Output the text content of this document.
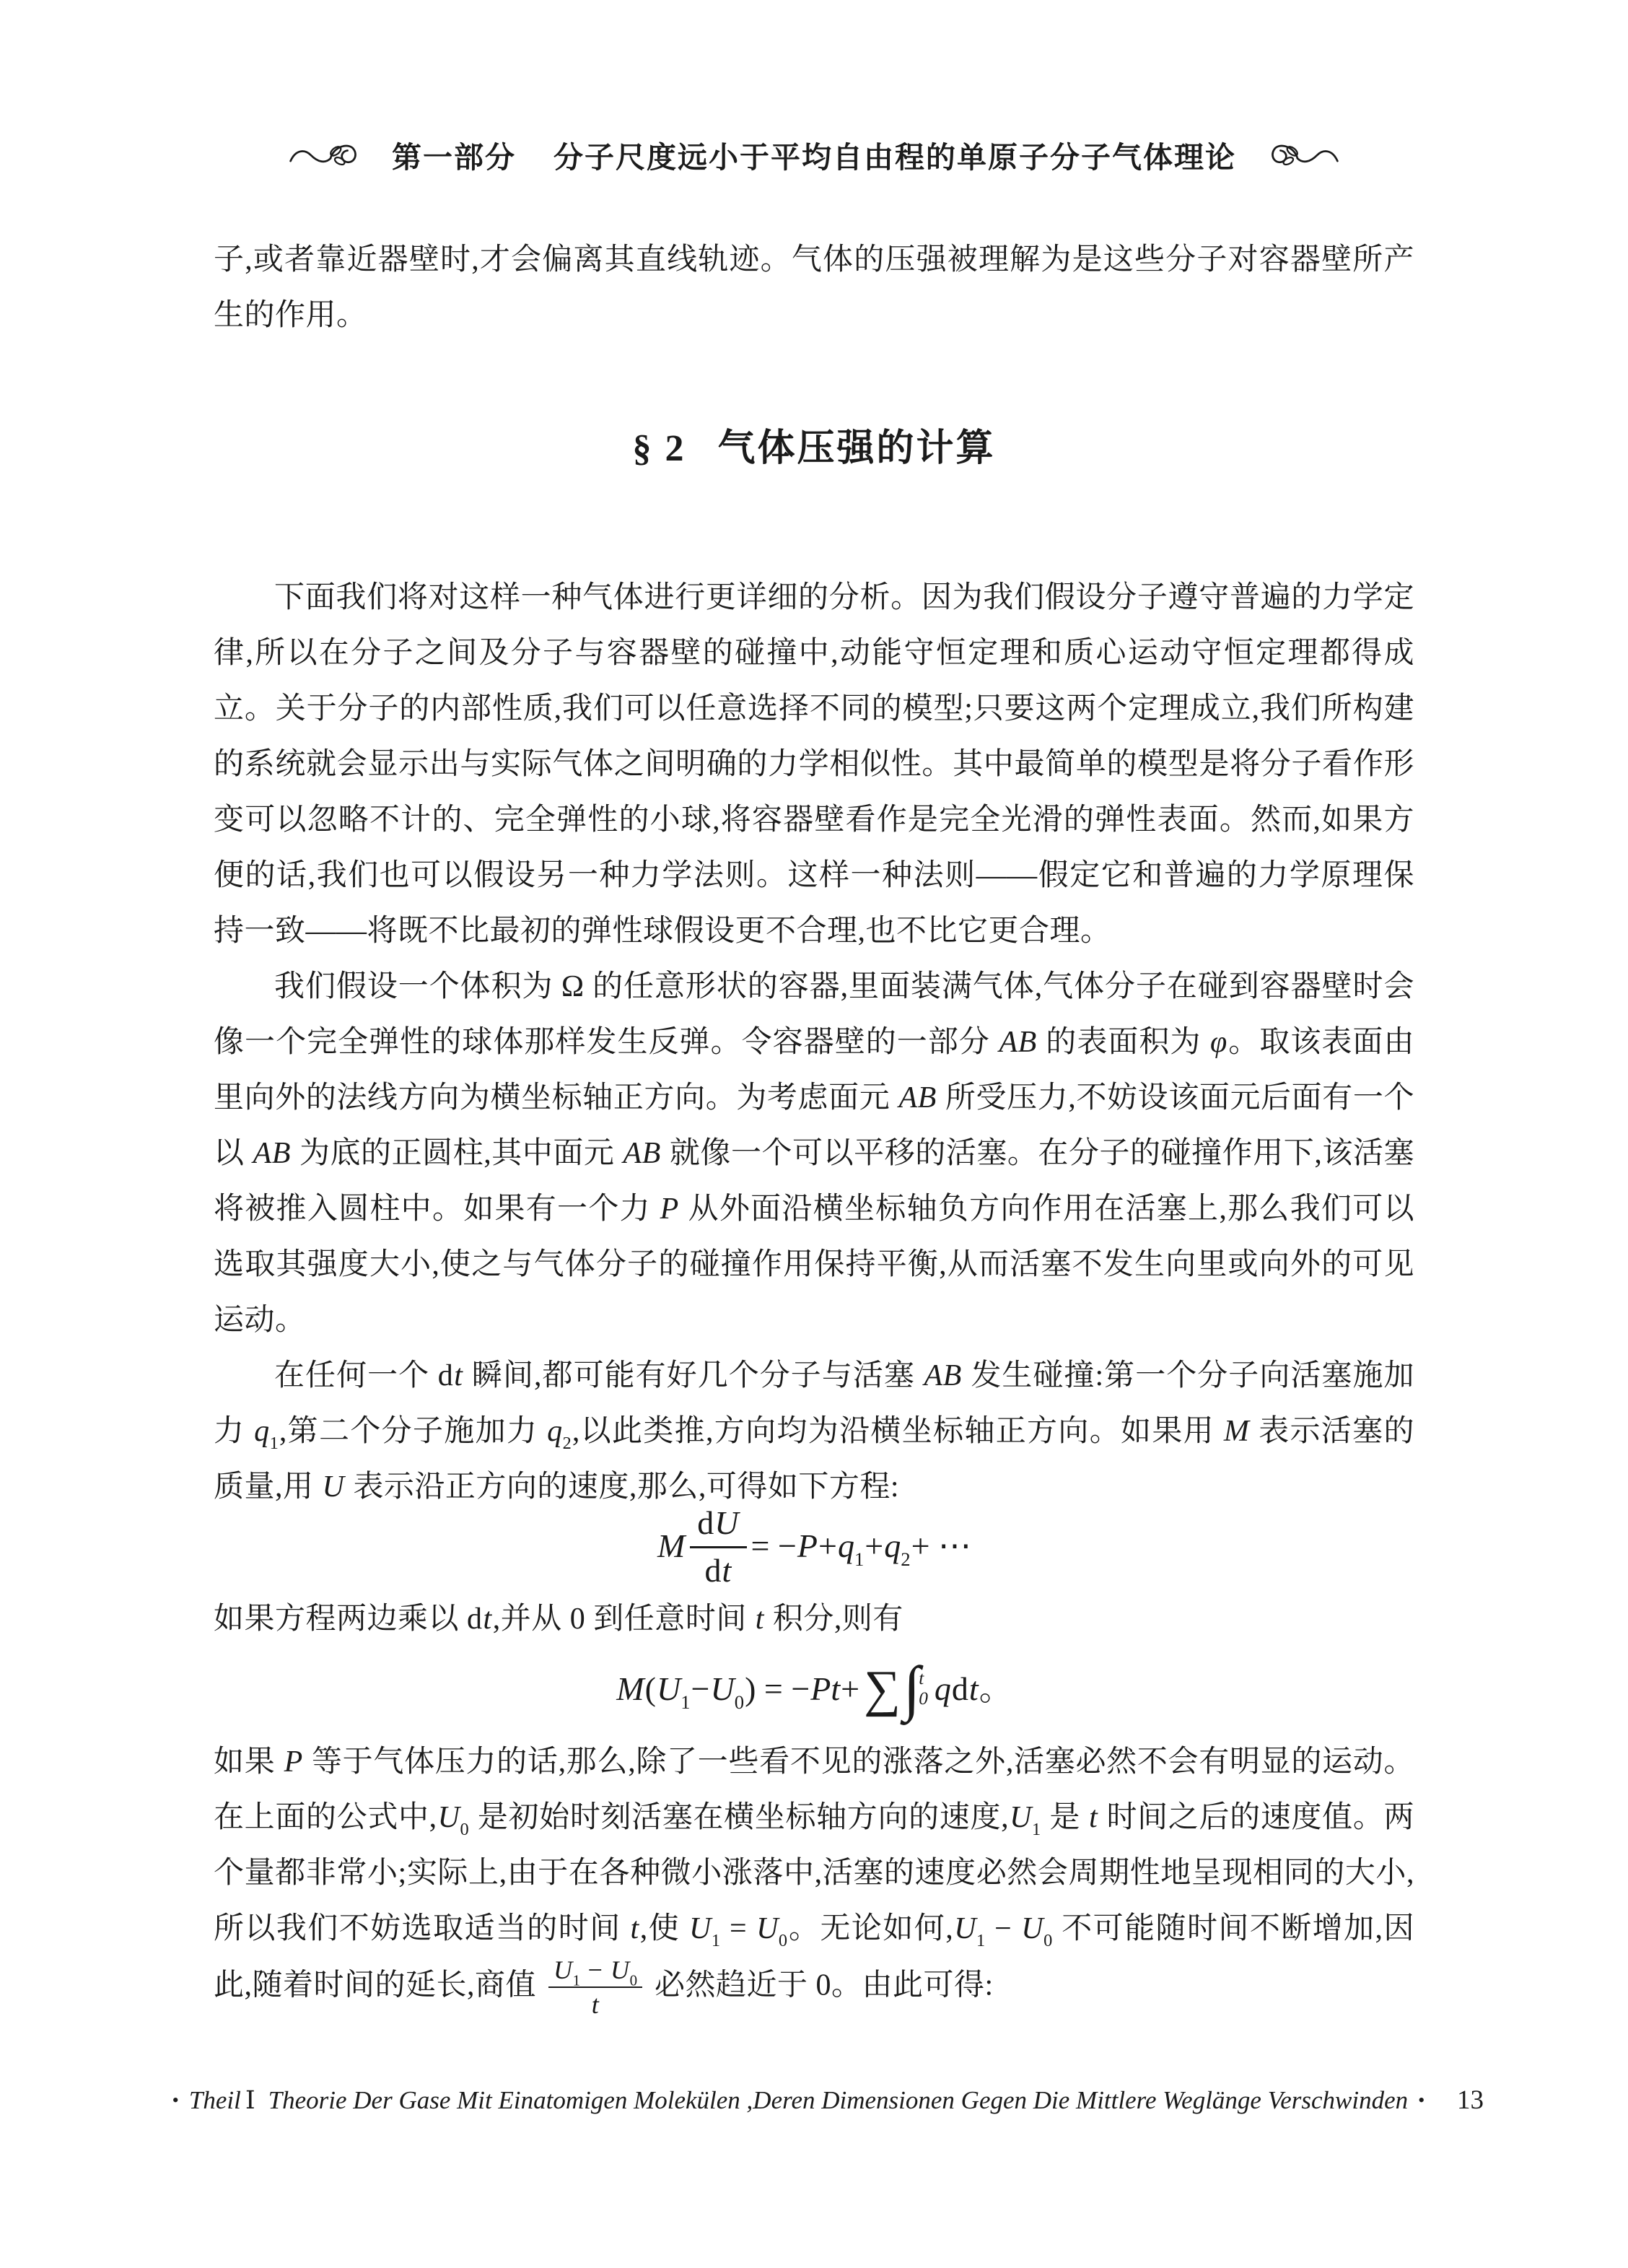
第一部分 分子尺度远小于平均自由程的单原子分子气体理论
子,或者靠近器壁时,才会偏离其直线轨迹。气体的压强被理解为是这些分子对容器壁所产生的作用。
§ 2 气体压强的计算
下面我们将对这样一种气体进行更详细的分析。因为我们假设分子遵守普遍的力学定律,所以在分子之间及分子与容器壁的碰撞中,动能守恒定理和质心运动守恒定理都得成立。关于分子的内部性质,我们可以任意选择不同的模型;只要这两个定理成立,我们所构建的系统就会显示出与实际气体之间明确的力学相似性。其中最简单的模型是将分子看作形变可以忽略不计的、完全弹性的小球,将容器壁看作是完全光滑的弹性表面。然而,如果方便的话,我们也可以假设另一种力学法则。这样一种法则——假定它和普遍的力学原理保持一致——将既不比最初的弹性球假设更不合理,也不比它更合理。
我们假设一个体积为 Ω 的任意形状的容器,里面装满气体,气体分子在碰到容器壁时会像一个完全弹性的球体那样发生反弹。令容器壁的一部分 AB 的表面积为 φ。取该表面由里向外的法线方向为横坐标轴正方向。为考虑面元 AB 所受压力,不妨设该面元后面有一个以 AB 为底的正圆柱,其中面元 AB 就像一个可以平移的活塞。在分子的碰撞作用下,该活塞将被推入圆柱中。如果有一个力 P 从外面沿横坐标轴负方向作用在活塞上,那么我们可以选取其强度大小,使之与气体分子的碰撞作用保持平衡,从而活塞不发生向里或向外的可见运动。
在任何一个 dt 瞬间,都可能有好几个分子与活塞 AB 发生碰撞:第一个分子向活塞施加力 $q_1$,第二个分子施加力 $q_2$,以此类推,方向均为沿横坐标轴正方向。如果用 M 表示活塞的质量,用 U 表示沿正方向的速度,那么,可得如下方程:
M $\frac{dU}{dt}$ = − $P + q_1 + q_2$ + ⋯
如果方程两边乘以 dt,并从 0 到任意时间 t 积分,则有
M ( $U_1 - U_0$ ) = − Pt + ∑ ∫
t
0 q d t 。
如果 P 等于气体压力的话,那么,除了一些看不见的涨落之外,活塞必然不会有明显的运动。在上面的公式中$,U_0$ 是初始时刻活塞在横坐标轴方向的速度$,U_1$ 是 t 时间之后的速度值。两个量都非常小;实际上,由于在各种微小涨落中,活塞的速度必然会周期性地呈现相同的大小,所以我们不妨选取适当的时间 t,使 $U_1 = U_0$。无论如何$,U_1 - U_0$ 不可能随时间不断增加,因此,随着时间的延长,商值 $\frac{U_1 - U_0}{t}$ 必然趋近于 0。由此可得:
• Theil Ⅰ Theorie Der Gase Mit Einatomigen Molekülen ,Deren Dimensionen Gegen Die Mittlere Weglänge Verschwinden •	13
